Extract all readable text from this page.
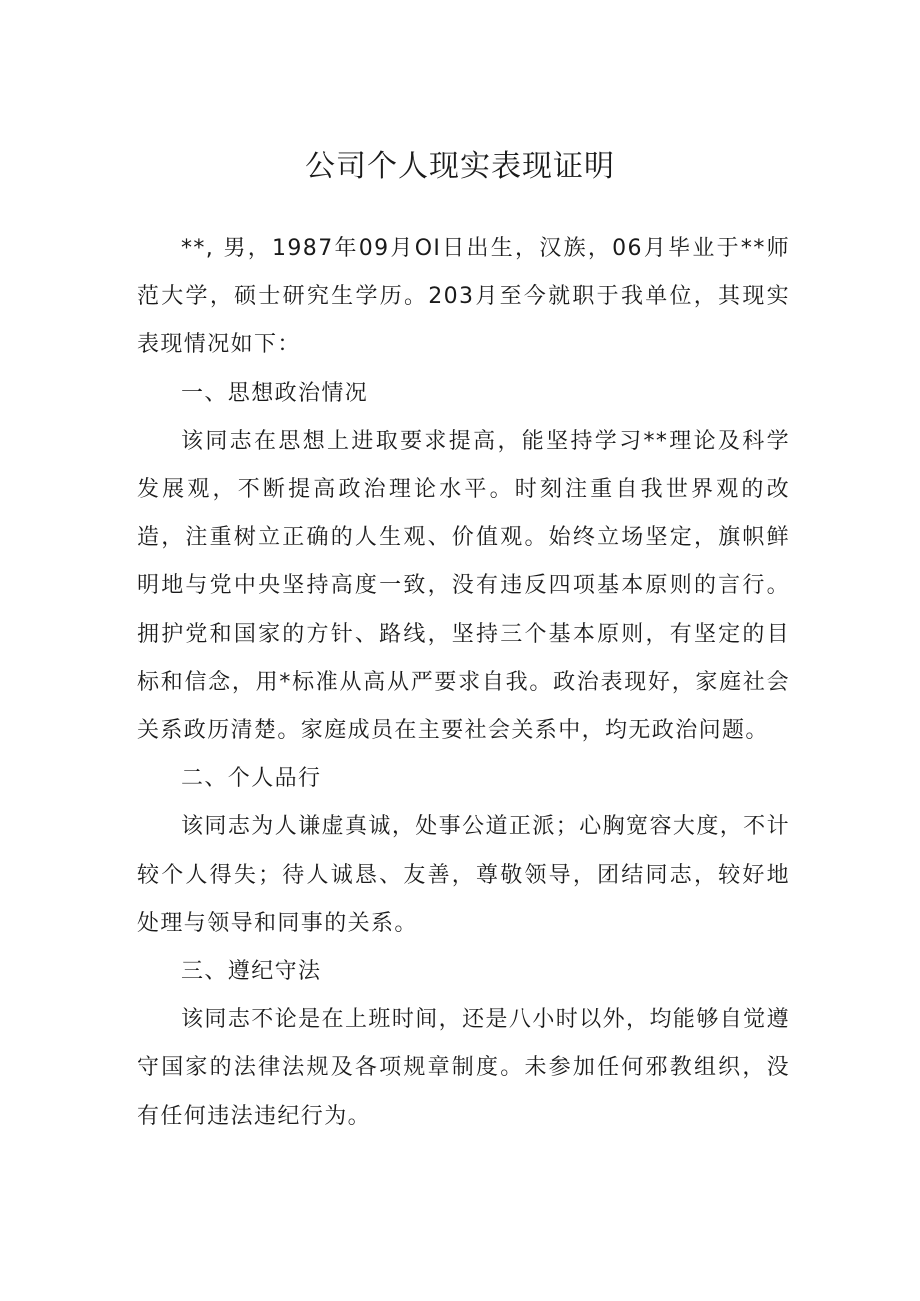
公司个人现实表现证明

**, 男，1987年09月OI日出生，汉族，06月毕业于**师范大学，硕士研究生学历。203月至今就职于我单位，其现实表现情况如下：

一、思想政治情况

该同志在思想上进取要求提高，能坚持学习**理论及科学发展观，不断提高政治理论水平。时刻注重自我世界观的改造，注重树立正确的人生观、价值观。始终立场坚定，旗帜鲜明地与党中央坚持高度一致，没有违反四项基本原则的言行。拥护党和国家的方针、路线，坚持三个基本原则，有坚定的目标和信念，用*标准从高从严要求自我。政治表现好，家庭社会关系政历清楚。家庭成员在主要社会关系中，均无政治问题。

二、个人品行

该同志为人谦虚真诚，处事公道正派；心胸宽容大度，不计较个人得失；待人诚恳、友善，尊敬领导，团结同志，较好地处理与领导和同事的关系。

三、遵纪守法

该同志不论是在上班时间，还是八小时以外，均能够自觉遵守国家的法律法规及各项规章制度。未参加任何邪教组织，没有任何违法违纪行为。
